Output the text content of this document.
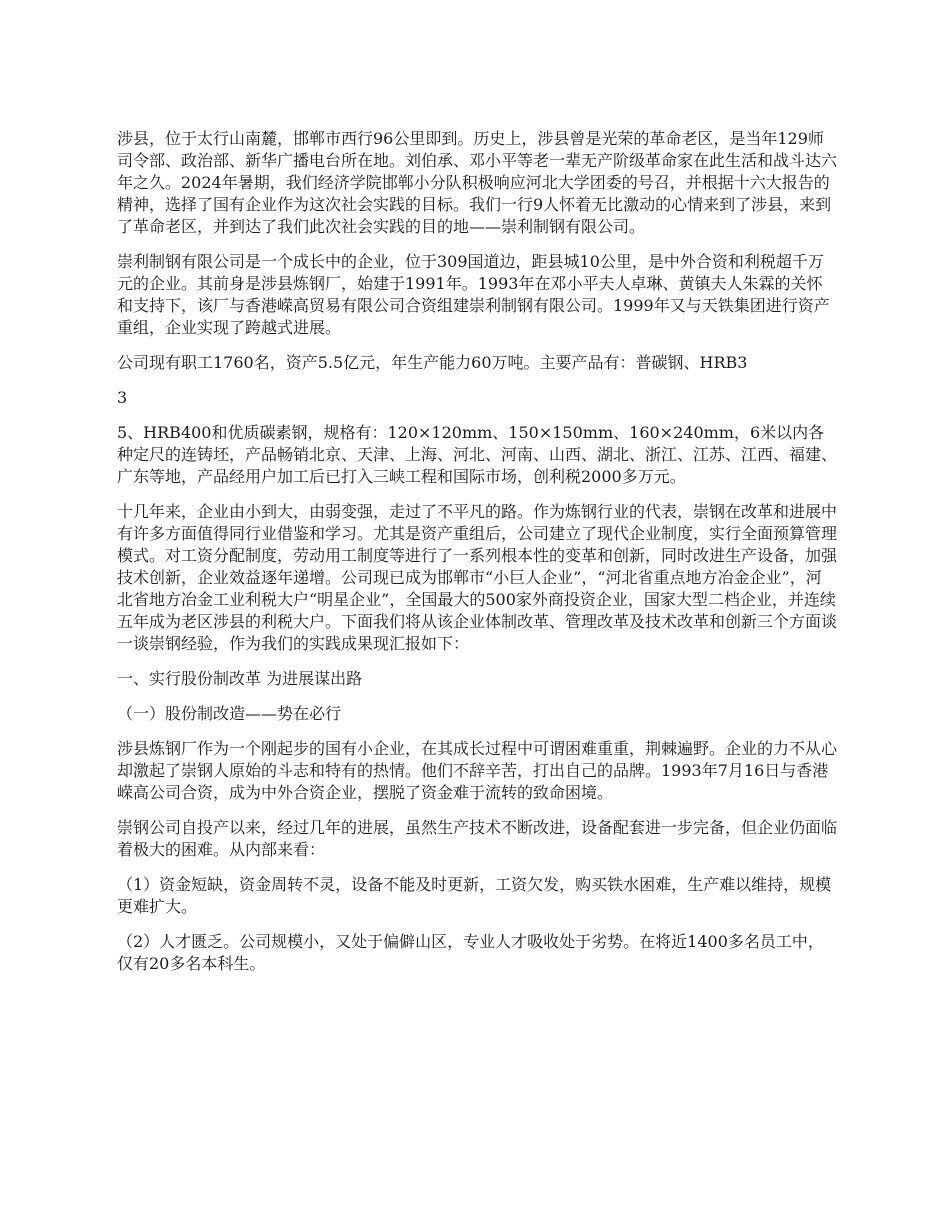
涉县，位于太行山南麓，邯郸市西行96公里即到。历史上，涉县曾是光荣的革命老区，是当年129师司令部、政治部、新华广播电台所在地。刘伯承、邓小平等老一辈无产阶级革命家在此生活和战斗达六年之久。2024年暑期，我们经济学院邯郸小分队积极响应河北大学团委的号召，并根据十六大报告的精神，选择了国有企业作为这次社会实践的目标。我们一行9人怀着无比激动的心情来到了涉县，来到了革命老区，并到达了我们此次社会实践的目的地——崇利制钢有限公司。

崇利制钢有限公司是一个成长中的企业，位于309国道边，距县城10公里，是中外合资和利税超千万元的企业。其前身是涉县炼钢厂，始建于1991年。1993年在邓小平夫人卓琳、黄镇夫人朱霖的关怀和支持下，该厂与香港嵘高贸易有限公司合资组建崇利制钢有限公司。1999年又与天铁集团进行资产重组，企业实现了跨越式进展。

公司现有职工1760名，资产5.5亿元，年生产能力60万吨。主要产品有：普碳钢、HRB3

3

5、HRB400和优质碳素钢，规格有：120×120mm、150×150mm、160×240mm，6米以内各种定尺的连铸坯，产品畅销北京、天津、上海、河北、河南、山西、湖北、浙江、江苏、江西、福建、广东等地，产品经用户加工后已打入三峡工程和国际市场，创利税2000多万元。

十几年来，企业由小到大，由弱变强，走过了不平凡的路。作为炼钢行业的代表，崇钢在改革和进展中有许多方面值得同行业借鉴和学习。尤其是资产重组后，公司建立了现代企业制度，实行全面预算管理模式。对工资分配制度，劳动用工制度等进行了一系列根本性的变革和创新，同时改进生产设备，加强技术创新，企业效益逐年递增。公司现已成为邯郸市“小巨人企业”，“河北省重点地方冶金企业”，河北省地方冶金工业利税大户“明星企业”，全国最大的500家外商投资企业，国家大型二档企业，并连续五年成为老区涉县的利税大户。下面我们将从该企业体制改革、管理改革及技术改革和创新三个方面谈一谈崇钢经验，作为我们的实践成果现汇报如下：

一、实行股份制改革 为进展谋出路

（一）股份制改造——势在必行

涉县炼钢厂作为一个刚起步的国有小企业，在其成长过程中可谓困难重重，荆棘遍野。企业的力不从心却激起了崇钢人原始的斗志和特有的热情。他们不辞辛苦，打出自己的品牌。1993年7月16日与香港嵘高公司合资，成为中外合资企业，摆脱了资金难于流转的致命困境。

崇钢公司自投产以来，经过几年的进展，虽然生产技术不断改进，设备配套进一步完备，但企业仍面临着极大的困难。从内部来看：

（1）资金短缺，资金周转不灵，设备不能及时更新，工资欠发，购买铁水困难，生产难以维持，规模更难扩大。

（2）人才匮乏。公司规模小，又处于偏僻山区，专业人才吸收处于劣势。在将近1400多名员工中，仅有20多名本科生。
